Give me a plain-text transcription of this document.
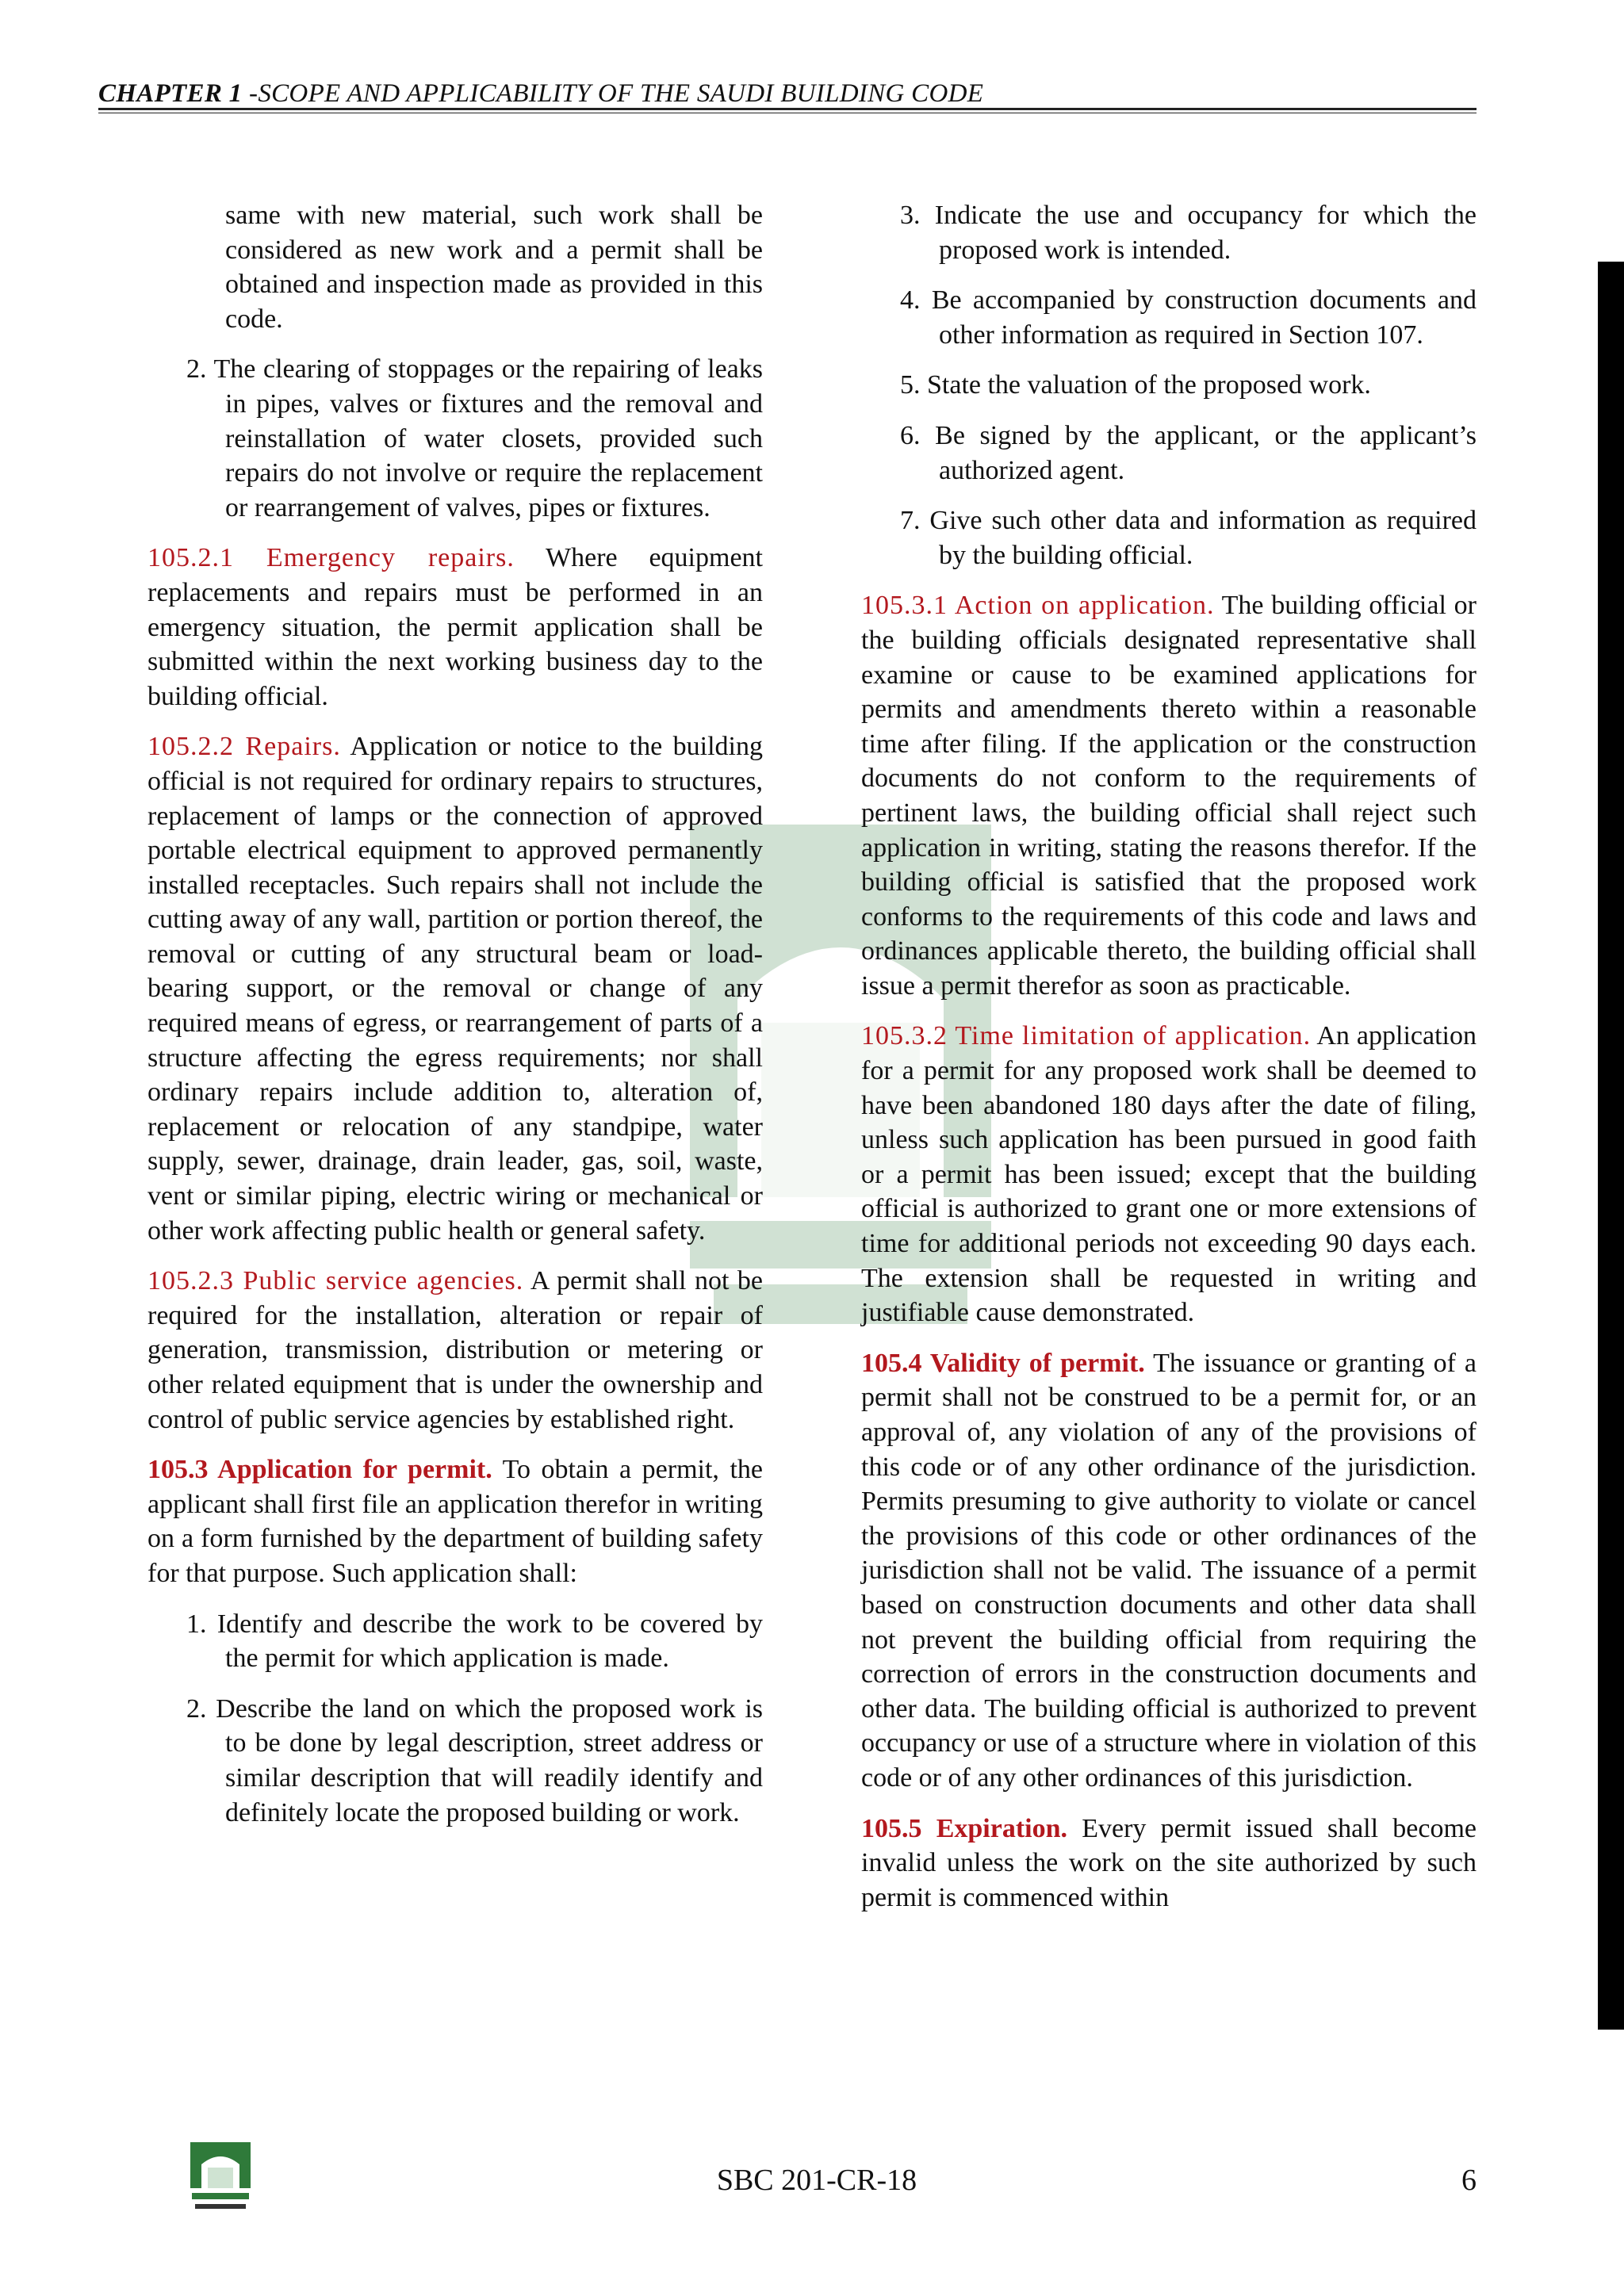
CHAPTER 1 -SCOPE AND APPLICABILITY OF THE SAUDI BUILDING CODE

same with new material, such work shall be considered as new work and a permit shall be obtained and inspection made as provided in this code.

2. The clearing of stoppages or the repairing of leaks in pipes, valves or fixtures and the removal and reinstallation of water closets, provided such repairs do not involve or require the replacement or rearrangement of valves, pipes or fixtures.

105.2.1 Emergency repairs. Where equipment replacements and repairs must be performed in an emergency situation, the permit application shall be submitted within the next working business day to the building official.

105.2.2 Repairs. Application or notice to the building official is not required for ordinary repairs to structures, replacement of lamps or the connection of approved portable electrical equipment to approved permanently installed receptacles. Such repairs shall not include the cutting away of any wall, partition or portion thereof, the removal or cutting of any structural beam or load-bearing support, or the removal or change of any required means of egress, or rearrangement of parts of a structure affecting the egress requirements; nor shall ordinary repairs include addition to, alteration of, replacement or relocation of any standpipe, water supply, sewer, drainage, drain leader, gas, soil, waste, vent or similar piping, electric wiring or mechanical or other work affecting public health or general safety.

105.2.3 Public service agencies. A permit shall not be required for the installation, alteration or repair of generation, transmission, distribution or metering or other related equipment that is under the ownership and control of public service agencies by established right.

105.3 Application for permit. To obtain a permit, the applicant shall first file an application therefor in writing on a form furnished by the department of building safety for that purpose. Such application shall:

1. Identify and describe the work to be covered by the permit for which application is made.

2. Describe the land on which the proposed work is to be done by legal description, street address or similar description that will readily identify and definitely locate the proposed building or work.

3. Indicate the use and occupancy for which the proposed work is intended.

4. Be accompanied by construction documents and other information as required in Section 107.

5. State the valuation of the proposed work.

6. Be signed by the applicant, or the applicant’s authorized agent.

7. Give such other data and information as required by the building official.

105.3.1 Action on application. The building official or the building officials designated representative shall examine or cause to be examined applications for permits and amendments thereto within a reasonable time after filing. If the application or the construction documents do not conform to the requirements of pertinent laws, the building official shall reject such application in writing, stating the reasons therefor. If the building official is satisfied that the proposed work conforms to the requirements of this code and laws and ordinances applicable thereto, the building official shall issue a permit therefor as soon as practicable.

105.3.2 Time limitation of application. An application for a permit for any proposed work shall be deemed to have been abandoned 180 days after the date of filing, unless such application has been pursued in good faith or a permit has been issued; except that the building official is authorized to grant one or more extensions of time for additional periods not exceeding 90 days each. The extension shall be requested in writing and justifiable cause demonstrated.

105.4 Validity of permit. The issuance or granting of a permit shall not be construed to be a permit for, or an approval of, any violation of any of the provisions of this code or of any other ordinance of the jurisdiction. Permits presuming to give authority to violate or cancel the provisions of this code or other ordinances of the jurisdiction shall not be valid. The issuance of a permit based on construction documents and other data shall not prevent the building official from requiring the correction of errors in the construction documents and other data. The building official is authorized to prevent occupancy or use of a structure where in violation of this code or of any other ordinances of this jurisdiction.

105.5 Expiration. Every permit issued shall become invalid unless the work on the site authorized by such permit is commenced within

SBC 201-CR-18	6
